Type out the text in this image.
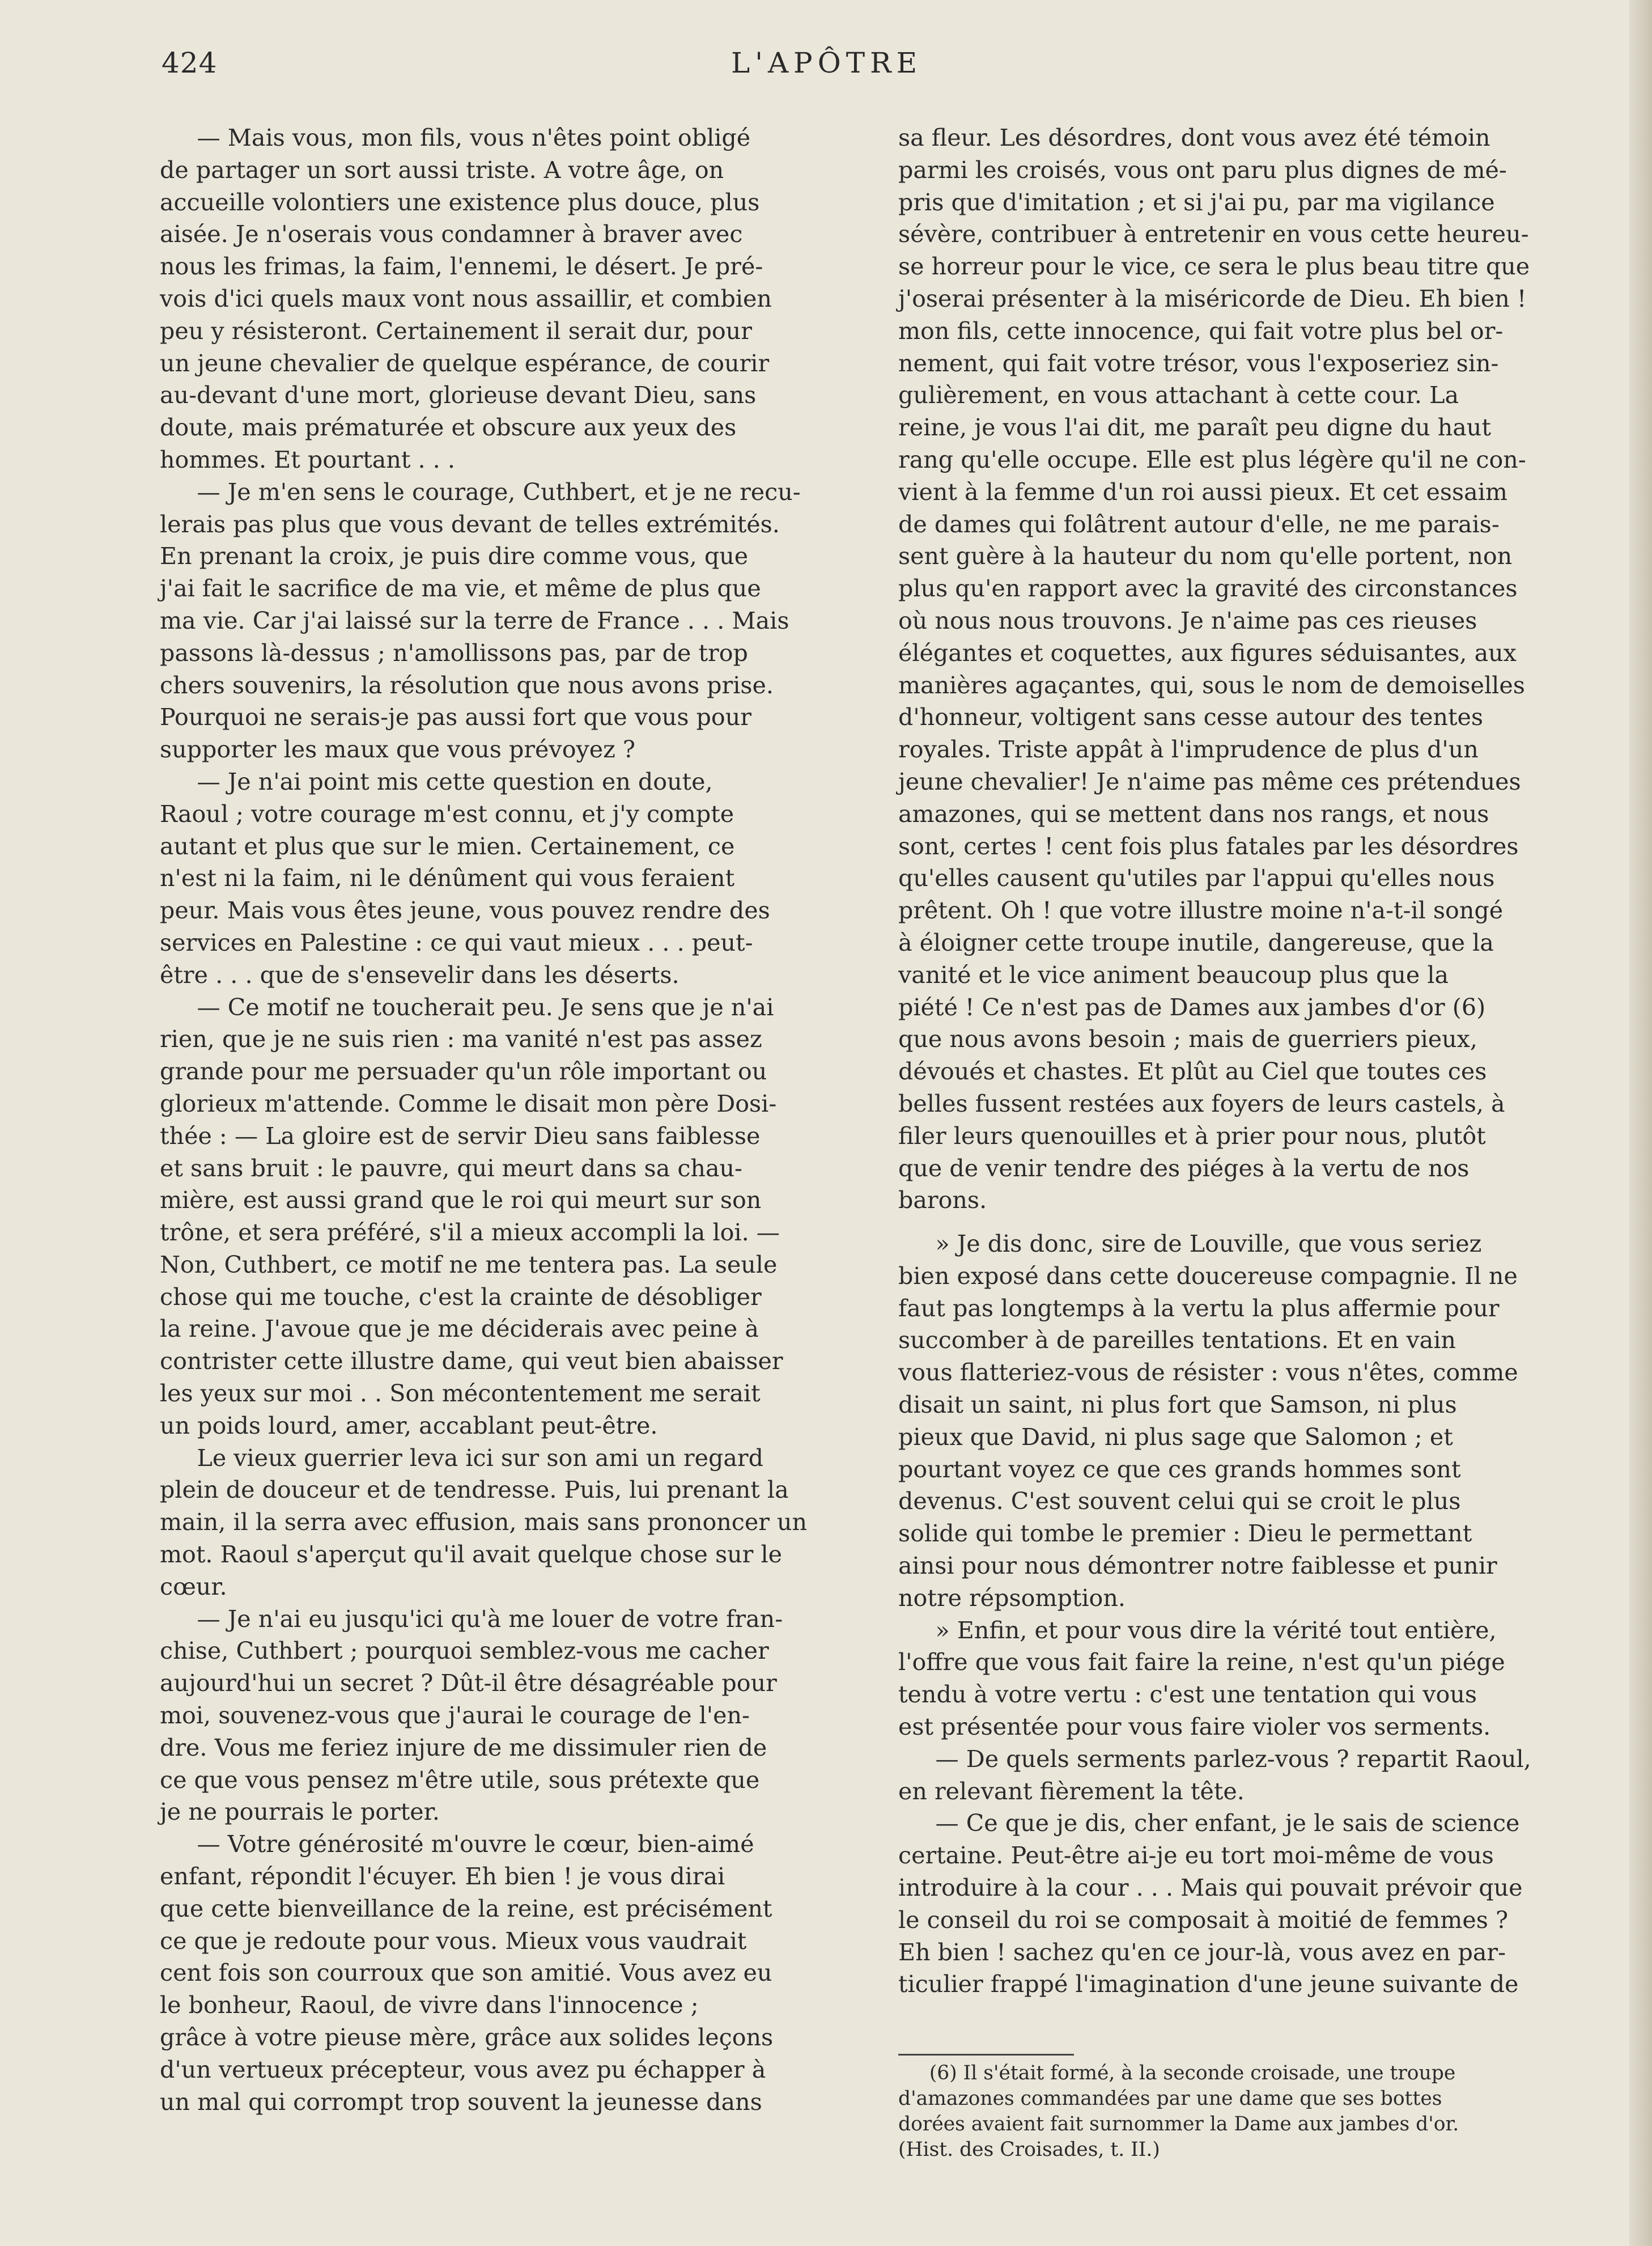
424	L'APÔTRE

— Mais vous, mon fils, vous n'êtes point obligé

de partager un sort aussi triste. A votre âge, on

accueille volontiers une existence plus douce, plus

aisée. Je n'oserais vous condamner à braver avec

nous les frimas, la faim, l'ennemi, le désert. Je pré-

vois d'ici quels maux vont nous assaillir, et combien

peu y résisteront. Certainement il serait dur, pour

un jeune chevalier de quelque espérance, de courir

au-devant d'une mort, glorieuse devant Dieu, sans

doute, mais prématurée et obscure aux yeux des

hommes. Et pourtant . . .

— Je m'en sens le courage, Cuthbert, et je ne recu-

lerais pas plus que vous devant de telles extrémités.

En prenant la croix, je puis dire comme vous, que

j'ai fait le sacrifice de ma vie, et même de plus que

ma vie. Car j'ai laissé sur la terre de France . . . Mais

passons là-dessus ; n'amollissons pas, par de trop

chers souvenirs, la résolution que nous avons prise.

Pourquoi ne serais-je pas aussi fort que vous pour

supporter les maux que vous prévoyez ?

— Je n'ai point mis cette question en doute,

Raoul ; votre courage m'est connu, et j'y compte

autant et plus que sur le mien. Certainement, ce

n'est ni la faim, ni le dénûment qui vous feraient

peur. Mais vous êtes jeune, vous pouvez rendre des

services en Palestine : ce qui vaut mieux . . . peut-

être . . . que de s'ensevelir dans les déserts.

— Ce motif ne toucherait peu. Je sens que je n'ai

rien, que je ne suis rien : ma vanité n'est pas assez

grande pour me persuader qu'un rôle important ou

glorieux m'attende. Comme le disait mon père Dosi-

thée : — La gloire est de servir Dieu sans faiblesse

et sans bruit : le pauvre, qui meurt dans sa chau-

mière, est aussi grand que le roi qui meurt sur son

trône, et sera préféré, s'il a mieux accompli la loi. —

Non, Cuthbert, ce motif ne me tentera pas. La seule

chose qui me touche, c'est la crainte de désobliger

la reine. J'avoue que je me déciderais avec peine à

contrister cette illustre dame, qui veut bien abaisser

les yeux sur moi . . Son mécontentement me serait

un poids lourd, amer, accablant peut-être.

Le vieux guerrier leva ici sur son ami un regard

plein de douceur et de tendresse. Puis, lui prenant la

main, il la serra avec effusion, mais sans prononcer un

mot. Raoul s'aperçut qu'il avait quelque chose sur le

cœur.

— Je n'ai eu jusqu'ici qu'à me louer de votre fran-

chise, Cuthbert ; pourquoi semblez-vous me cacher

aujourd'hui un secret ? Dût-il être désagréable pour

moi, souvenez-vous que j'aurai le courage de l'en-

dre. Vous me feriez injure de me dissimuler rien de

ce que vous pensez m'être utile, sous prétexte que

je ne pourrais le porter.

— Votre générosité m'ouvre le cœur, bien-aimé

enfant, répondit l'écuyer. Eh bien ! je vous dirai

que cette bienveillance de la reine, est précisément

ce que je redoute pour vous. Mieux vous vaudrait

cent fois son courroux que son amitié. Vous avez eu

le bonheur, Raoul, de vivre dans l'innocence ;

grâce à votre pieuse mère, grâce aux solides leçons

d'un vertueux précepteur, vous avez pu échapper à

un mal qui corrompt trop souvent la jeunesse dans

sa fleur. Les désordres, dont vous avez été témoin

parmi les croisés, vous ont paru plus dignes de mé-

pris que d'imitation ; et si j'ai pu, par ma vigilance

sévère, contribuer à entretenir en vous cette heureu-

se horreur pour le vice, ce sera le plus beau titre que

j'oserai présenter à la miséricorde de Dieu. Eh bien !

mon fils, cette innocence, qui fait votre plus bel or-

nement, qui fait votre trésor, vous l'exposeriez sin-

gulièrement, en vous attachant à cette cour. La

reine, je vous l'ai dit, me paraît peu digne du haut

rang qu'elle occupe. Elle est plus légère qu'il ne con-

vient à la femme d'un roi aussi pieux. Et cet essaim

de dames qui folâtrent autour d'elle, ne me parais-

sent guère à la hauteur du nom qu'elle portent, non

plus qu'en rapport avec la gravité des circonstances

où nous nous trouvons. Je n'aime pas ces rieuses

élégantes et coquettes, aux figures séduisantes, aux

manières agaçantes, qui, sous le nom de demoiselles

d'honneur, voltigent sans cesse autour des tentes

royales. Triste appât à l'imprudence de plus d'un

jeune chevalier! Je n'aime pas même ces prétendues

amazones, qui se mettent dans nos rangs, et nous

sont, certes ! cent fois plus fatales par les désordres

qu'elles causent qu'utiles par l'appui qu'elles nous

prêtent. Oh ! que votre illustre moine n'a-t-il songé

à éloigner cette troupe inutile, dangereuse, que la

vanité et le vice animent beaucoup plus que la

piété ! Ce n'est pas de Dames aux jambes d'or (6)

que nous avons besoin ; mais de guerriers pieux,

dévoués et chastes. Et plût au Ciel que toutes ces

belles fussent restées aux foyers de leurs castels, à

filer leurs quenouilles et à prier pour nous, plutôt

que de venir tendre des piéges à la vertu de nos

barons.

» Je dis donc, sire de Louville, que vous seriez

bien exposé dans cette doucereuse compagnie. Il ne

faut pas longtemps à la vertu la plus affermie pour

succomber à de pareilles tentations. Et en vain

vous flatteriez-vous de résister : vous n'êtes, comme

disait un saint, ni plus fort que Samson, ni plus

pieux que David, ni plus sage que Salomon ; et

pourtant voyez ce que ces grands hommes sont

devenus. C'est souvent celui qui se croit le plus

solide qui tombe le premier : Dieu le permettant

ainsi pour nous démontrer notre faiblesse et punir

notre répsomption.

» Enfin, et pour vous dire la vérité tout entière,

l'offre que vous fait faire la reine, n'est qu'un piége

tendu à votre vertu : c'est une tentation qui vous

est présentée pour vous faire violer vos serments.

— De quels serments parlez-vous ? repartit Raoul,

en relevant fièrement la tête.

— Ce que je dis, cher enfant, je le sais de science

certaine. Peut-être ai-je eu tort moi-même de vous

introduire à la cour . . . Mais qui pouvait prévoir que

le conseil du roi se composait à moitié de femmes ?

Eh bien ! sachez qu'en ce jour-là, vous avez en par-

ticulier frappé l'imagination d'une jeune suivante de

(6) Il s'était formé, à la seconde croisade, une troupe

d'amazones commandées par une dame que ses bottes

dorées avaient fait surnommer la Dame aux jambes d'or.

(Hist. des Croisades, t. II.)
